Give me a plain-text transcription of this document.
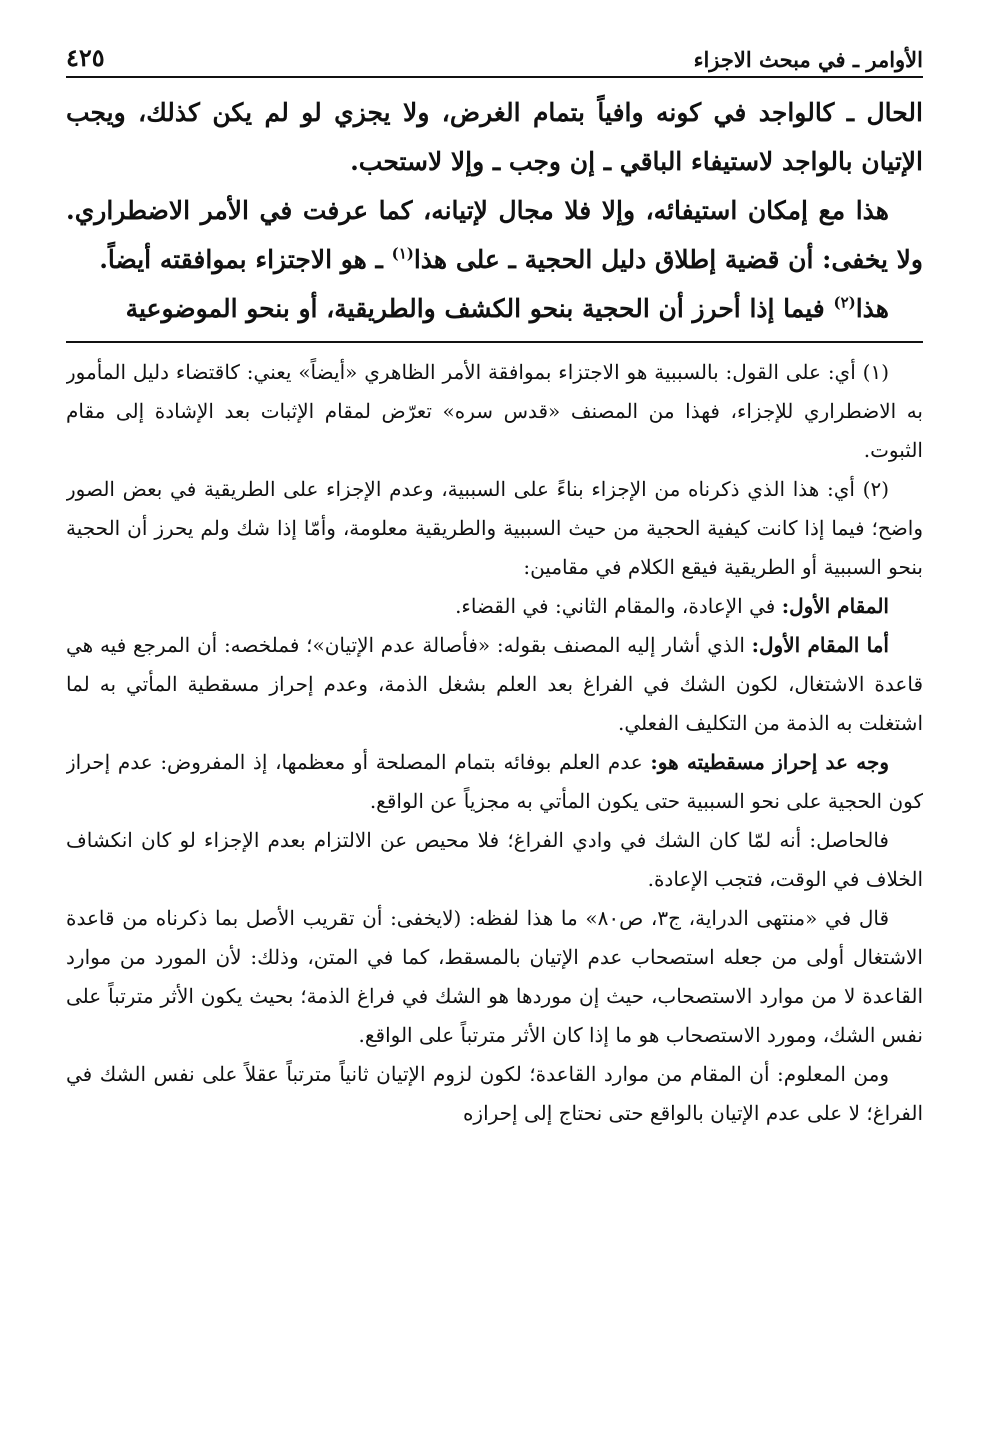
الأوامر ـ في مبحث الاجزاء
٤٢٥

الحال ـ كالواجد في كونه وافياً بتمام الغرض، ولا يجزي لو لم يكن كذلك، ويجب الإتيان بالواجد لاستيفاء الباقي ـ إن وجب ـ وإلا لاستحب.

هذا مع إمكان استيفائه، وإلا فلا مجال لإتيانه، كما عرفت في الأمر الاضطراري. ولا يخفى: أن قضية إطلاق دليل الحجية ـ على هذا$^{(١)}$ ـ هو الاجتزاء بموافقته أيضاً.

هذا$^{(٢)}$ فيما إذا أحرز أن الحجية بنحو الكشف والطريقية، أو بنحو الموضوعية

(١) أي: على القول: بالسببية هو الاجتزاء بموافقة الأمر الظاهري «أيضاً» يعني: كاقتضاء دليل المأمور به الاضطراري للإجزاء، فهذا من المصنف «قدس سره» تعرّض لمقام الإثبات بعد الإشادة إلى مقام الثبوت.

(٢) أي: هذا الذي ذكرناه من الإجزاء بناءً على السببية، وعدم الإجزاء على الطريقية في بعض الصور واضح؛ فيما إذا كانت كيفية الحجية من حيث السببية والطريقية معلومة، وأمّا إذا شك ولم يحرز أن الحجية بنحو السببية أو الطريقية فيقع الكلام في مقامين:

المقام الأول: في الإعادة، والمقام الثاني: في القضاء.

أما المقام الأول: الذي أشار إليه المصنف بقوله: «فأصالة عدم الإتيان»؛ فملخصه: أن المرجع فيه هي قاعدة الاشتغال، لكون الشك في الفراغ بعد العلم بشغل الذمة، وعدم إحراز مسقطية المأتي به لما اشتغلت به الذمة من التكليف الفعلي.

وجه عد إحراز مسقطيته هو: عدم العلم بوفائه بتمام المصلحة أو معظمها، إذ المفروض: عدم إحراز كون الحجية على نحو السببية حتى يكون المأتي به مجزياً عن الواقع.

فالحاصل: أنه لمّا كان الشك في وادي الفراغ؛ فلا محيص عن الالتزام بعدم الإجزاء لو كان انكشاف الخلاف في الوقت، فتجب الإعادة.

قال في «منتهى الدراية، ج٣، ص٨٠» ما هذا لفظه: (لايخفى: أن تقريب الأصل بما ذكرناه من قاعدة الاشتغال أولى من جعله استصحاب عدم الإتيان بالمسقط، كما في المتن، وذلك: لأن المورد من موارد القاعدة لا من موارد الاستصحاب، حيث إن موردها هو الشك في فراغ الذمة؛ بحيث يكون الأثر مترتباً على نفس الشك، ومورد الاستصحاب هو ما إذا كان الأثر مترتباً على الواقع.

ومن المعلوم: أن المقام من موارد القاعدة؛ لكون لزوم الإتيان ثانياً مترتباً عقلاً على نفس الشك في الفراغ؛ لا على عدم الإتيان بالواقع حتى نحتاج إلى إحرازه
